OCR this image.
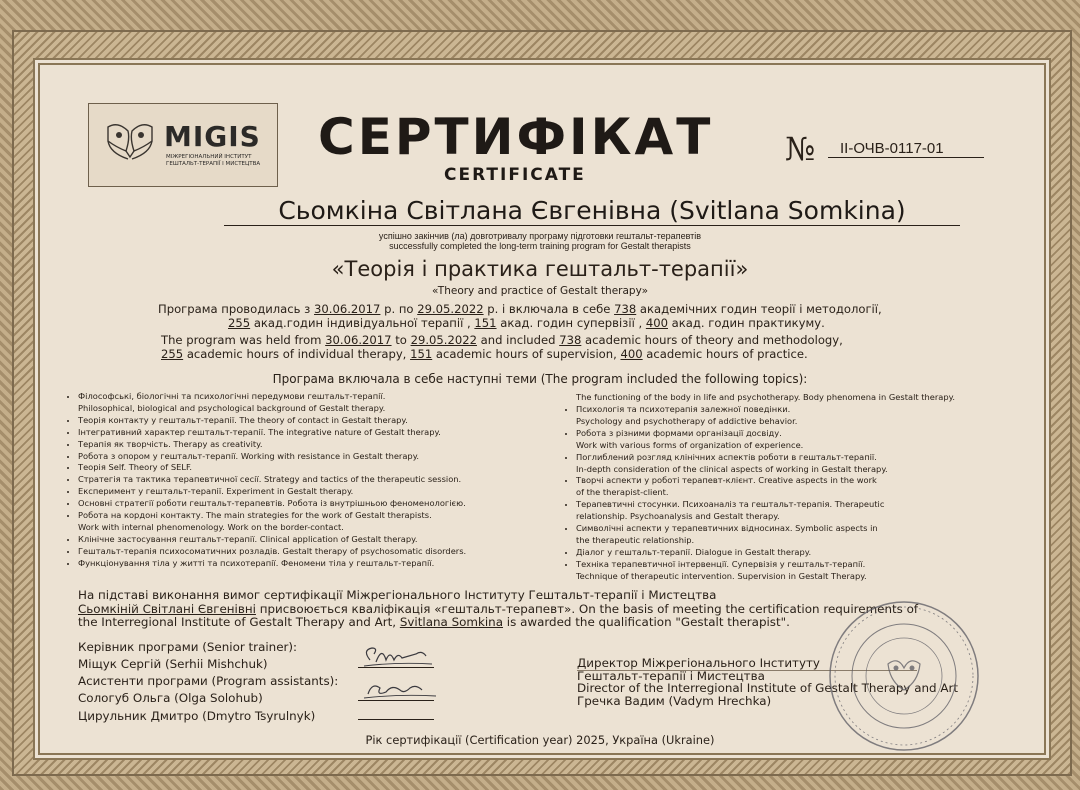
MIGIS
МІЖРЕГІОНАЛЬНИЙ ІНСТИТУТ ГЕШТАЛЬТ-ТЕРАПІЇ І МИСТЕЦТВА СЕРТИФІКАТ
CERTIFICATE
№	II-ОЧВ-0117-01
Сьомкіна Світлана Євгенівна (Svitlana Somkina)
успішно закінчив (ла) довготривалу програму підготовки гештальт-терапевтів
successfully completed the long-term training program for Gestalt therapists
«Теорія і практика гештальт-терапії»
«Theory and practice of Gestalt therapy»
Програма проводилась з 30.06.2017 р. по 29.05.2022 р. і включала в себе 738 академічних годин теорії і методології,
255 акад.годин індивідуальної терапії , 151 акад. годин супервізії , 400 акад. годин практикуму.
The program was held from 30.06.2017 to 29.05.2022 and included 738 academic hours of theory and methodology,
255 academic hours of individual therapy, 151 academic hours of supervision, 400 academic hours of practice.
Програма включала в себе наступні теми (The program included the following topics):
• Філософські, біологічні та психологічні передумови гештальт-терапії.
Philosophical, biological and psychological background of Gestalt therapy.
• Теорія контакту у гештальт-терапії. The theory of contact in Gestalt therapy.
• Інтегративний характер гештальт-терапії. The integrative nature of Gestalt therapy.
• Терапія як творчість. Therapy as creativity.
• Робота з опором у гештальт-терапії. Working with resistance in Gestalt therapy.
• Теорія Self. Theory of SELF.
• Стратегія та тактика терапевтичної сесії. Strategy and tactics of the therapeutic session.
• Експеримент у гештальт-терапії. Experiment in Gestalt therapy.
• Основні стратегії роботи гештальт-терапевтів. Робота із внутрішньою феноменологією.
• Робота на кордоні контакту. The main strategies for the work of Gestalt therapists.
Work with internal phenomenology. Work on the border-contact.
• Клінічне застосування гештальт-терапії. Clinical application of Gestalt therapy.
• Гештальт-терапія психосоматичних розладів. Gestalt therapy of psychosomatic disorders.
• Функціонування тіла у житті та психотерапії. Феномени тіла у гештальт-терапії.
The functioning of the body in life and psychotherapy. Body phenomena in Gestalt therapy.
• Психологія та психотерапія залежної поведінки.
Psychology and psychotherapy of addictive behavior.
• Робота з різними формами організації досвіду.
Work with various forms of organization of experience.
• Поглиблений розгляд клінічних аспектів роботи в гештальт-терапії.
In-depth consideration of the clinical aspects of working in Gestalt therapy.
• Творчі аспекти у роботі терапевт-клієнт. Creative aspects in the work
of the therapist-client.
• Терапевтичні стосунки. Психоаналіз та гештальт-терапія. Therapeutic
relationship. Psychoanalysis and Gestalt therapy.
• Символічні аспекти у терапевтичних відносинах. Symbolic aspects in
the therapeutic relationship.
• Діалог у гештальт-терапії. Dialogue in Gestalt therapy.
• Техніка терапевтичної інтервенції. Супервізія у гештальт-терапії.
Technique of therapeutic intervention. Supervision in Gestalt Therapy.
На підставі виконання вимог сертифікації Міжрегіонального Інституту Гештальт-терапії і Мистецтва
Сьомкіній Світлані Євгенівні присвоюється кваліфікація «гештальт-терапевт». On the basis of meeting the certification requirements of
the Interregional Institute of Gestalt Therapy and Art, Svitlana Somkina is awarded the qualification "Gestalt therapist".
Керівник програми (Senior trainer):
Міщук Сергій (Serhii Mishchuk)
Асистенти програми (Program assistants):
Сологуб Ольга (Olga Solohub)
Цирульник Дмитро (Dmytro Tsyrulnyk)
Директор Міжрегіонального Інституту
Гештальт-терапії і Мистецтва
Director of the Interregional Institute of Gestalt Therapy and Art
Гречка Вадим (Vadym Hrechka)
Рік сертифікації (Certification year) 2025, Україна (Ukraine)
